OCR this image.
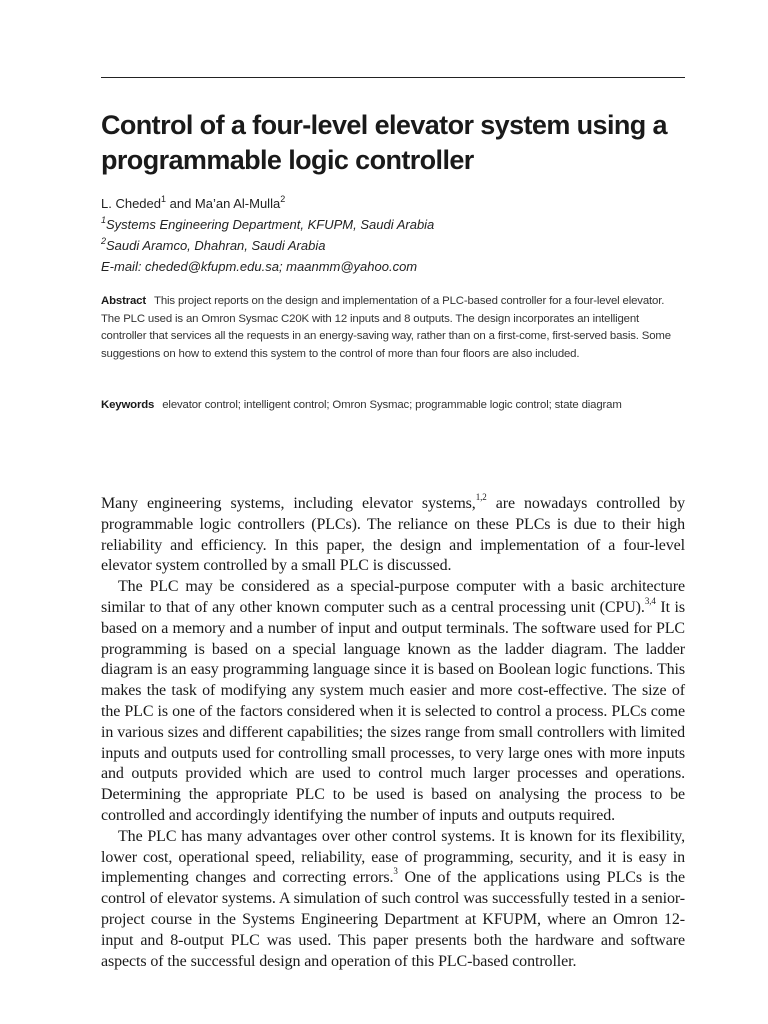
Control of a four-level elevator system using a programmable logic controller
L. Cheded$^1$ and Ma’an Al-Mulla$^2$
$^1$Systems Engineering Department, KFUPM, Saudi Arabia
$^2$Saudi Aramco, Dhahran, Saudi Arabia
E-mail: cheded@kfupm.edu.sa; maanmm@yahoo.com
Abstract This project reports on the design and implementation of a PLC-based controller for a four-level elevator. The PLC used is an Omron Sysmac C20K with 12 inputs and 8 outputs. The design incorporates an intelligent controller that services all the requests in an energy-saving way, rather than on a first-come, first-served basis. Some suggestions on how to extend this system to the control of more than four floors are also included.
Keywords elevator control; intelligent control; Omron Sysmac; programmable logic control; state diagram

Many engineering systems, including elevator systems,$^{1,2}$ are nowadays controlled by programmable logic controllers (PLCs). The reliance on these PLCs is due to their high reliability and efficiency. In this paper, the design and implementation of a four-level elevator system controlled by a small PLC is discussed.

The PLC may be considered as a special-purpose computer with a basic architecture similar to that of any other known computer such as a central processing unit (CPU).$^{3,4}$ It is based on a memory and a number of input and output terminals. The software used for PLC programming is based on a special language known as the ladder diagram. The ladder diagram is an easy programming language since it is based on Boolean logic functions. This makes the task of modifying any system much easier and more cost-effective. The size of the PLC is one of the factors considered when it is selected to control a process. PLCs come in various sizes and different capabilities; the sizes range from small controllers with limited inputs and outputs used for controlling small processes, to very large ones with more inputs and outputs provided which are used to control much larger processes and operations. Determining the appropriate PLC to be used is based on analysing the process to be controlled and accordingly identifying the number of inputs and outputs required.

The PLC has many advantages over other control systems. It is known for its flexibility, lower cost, operational speed, reliability, ease of programming, security, and it is easy in implementing changes and correcting errors.$^3$ One of the applications using PLCs is the control of elevator systems. A simulation of such control was successfully tested in a senior-project course in the Systems Engineering Department at KFUPM, where an Omron 12-input and 8-output PLC was used. This paper presents both the hardware and software aspects of the successful design and operation of this PLC-based controller.
